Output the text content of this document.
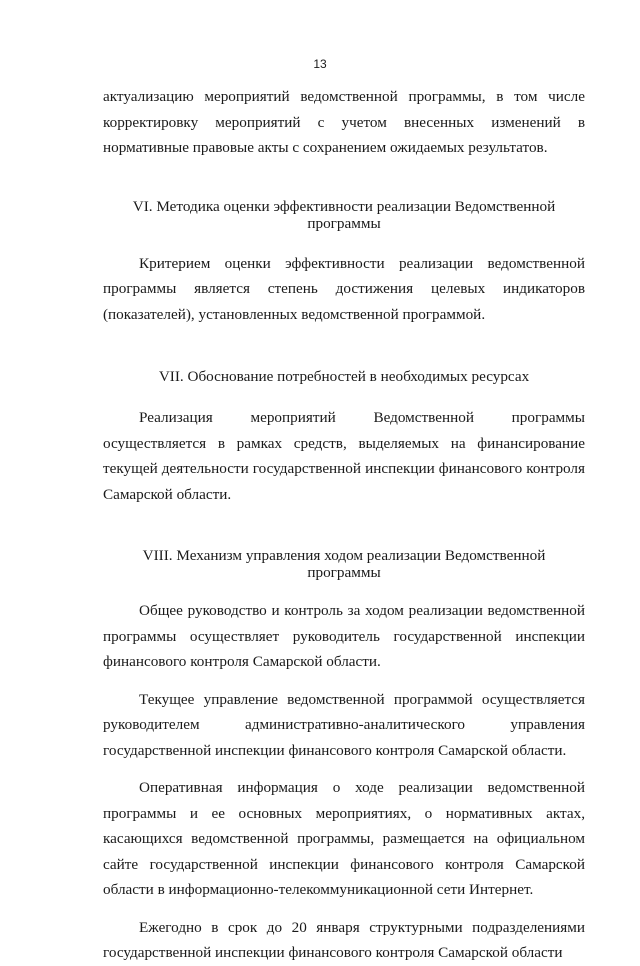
13

актуализацию мероприятий ведомственной программы, в том числе корректировку мероприятий с учетом внесенных изменений в нормативные правовые акты с сохранением ожидаемых результатов.

VI. Методика оценки эффективности реализации Ведомственной
программы

Критерием оценки эффективности реализации ведомственной программы является степень достижения целевых индикаторов (показателей), установленных ведомственной программой.

VII. Обоснование потребностей в необходимых ресурсах

Реализация мероприятий Ведомственной программы осуществляется в рамках средств, выделяемых на финансирование текущей деятельности государственной инспекции финансового контроля Самарской области.

VIII. Механизм управления ходом реализации Ведомственной
программы

Общее руководство и контроль за ходом реализации ведомственной программы осуществляет руководитель государственной инспекции финансового контроля Самарской области.

Текущее управление ведомственной программой осуществляется руководителем административно-аналитического управления государственной инспекции финансового контроля Самарской области.

Оперативная информация о ходе реализации ведомственной программы и ее основных мероприятиях, о нормативных актах, касающихся ведомственной программы, размещается на официальном сайте государственной инспекции финансового контроля Самарской области в информационно-телекоммуникационной сети Интернет.

Ежегодно в срок до 20 января структурными подразделениями государственной инспекции финансового контроля Самарской области
